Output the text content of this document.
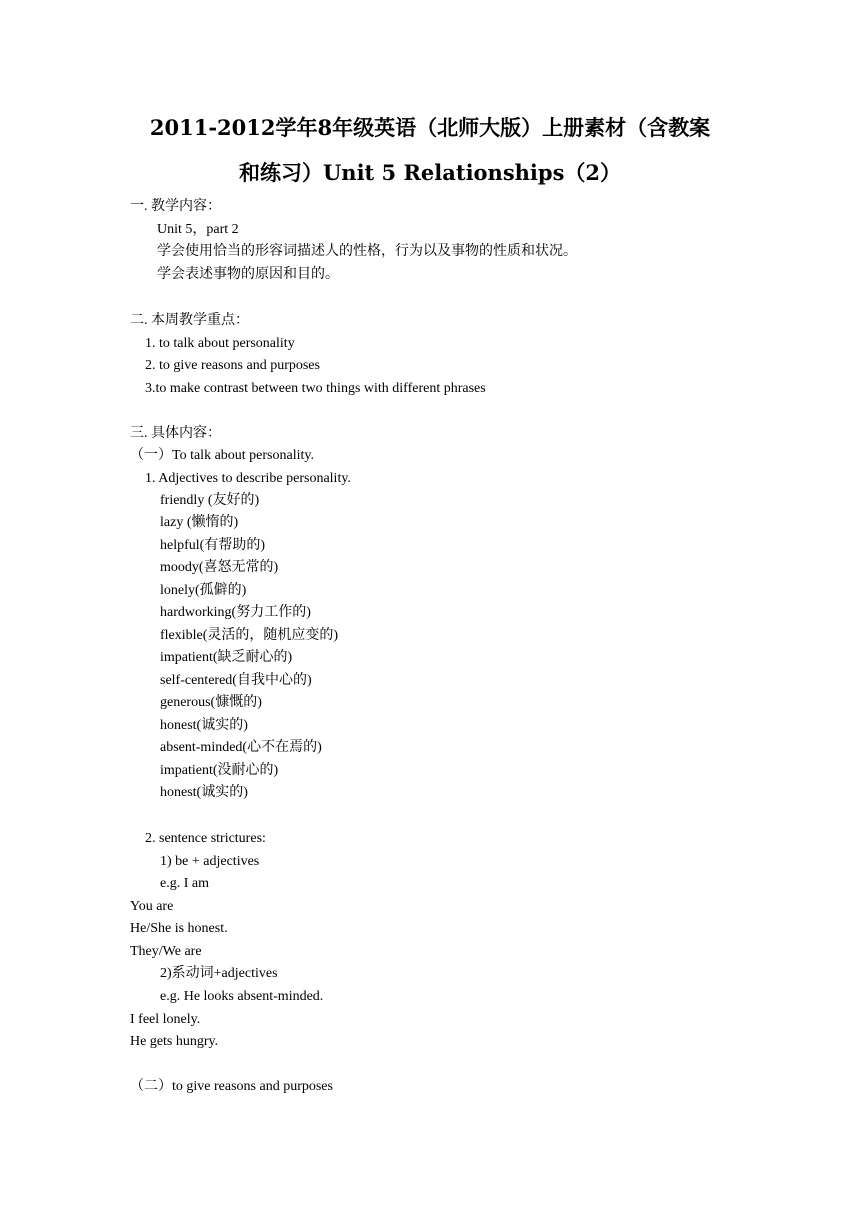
2011-2012学年8年级英语（北师大版）上册素材（含教案
和练习）Unit 5 Relationships（2）
一. 教学内容：
Unit 5，part 2
学会使用恰当的形容词描述人的性格，行为以及事物的性质和状况。
学会表述事物的原因和目的。
二. 本周教学重点：
1. to talk about personality
2. to give reasons and purposes
3.to make contrast between two things with different phrases
三. 具体内容：
（一）To talk about personality.
1. Adjectives to describe personality.
friendly (友好的)
lazy (懒惰的)
helpful(有帮助的)
moody(喜怒无常的)
lonely(孤僻的)
hardworking(努力工作的)
flexible(灵活的，随机应变的)
impatient(缺乏耐心的)
self-centered(自我中心的)
generous(慷慨的)
honest(诚实的)
absent-minded(心不在焉的)
impatient(没耐心的)
honest(诚实的)
2. sentence strictures:
1) be + adjectives
e.g. I am
You are
He/She is honest.
They/We are
2)系动词+adjectives
e.g. He looks absent-minded.
I feel lonely.
He gets hungry.
（二）to give reasons and purposes
